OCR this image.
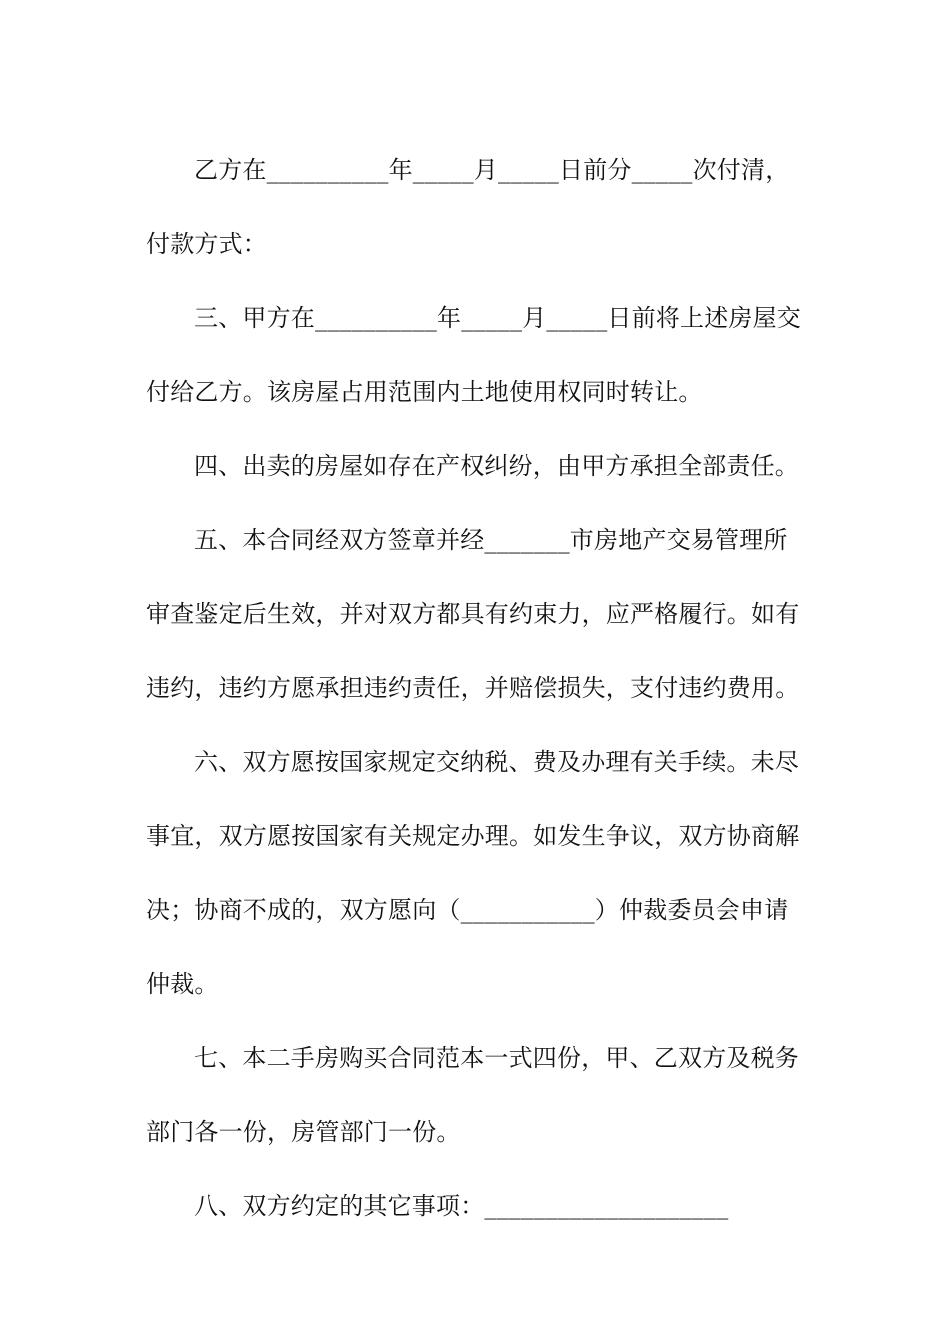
乙方在__________年_____月_____日前分_____次付清，付款方式：

三、甲方在__________年_____月_____日前将上述房屋交付给乙方。该房屋占用范围内土地使用权同时转让。

四、出卖的房屋如存在产权纠纷，由甲方承担全部责任。

五、本合同经双方签章并经_______市房地产交易管理所审查鉴定后生效，并对双方都具有约束力，应严格履行。如有违约，违约方愿承担违约责任，并赔偿损失，支付违约费用。

六、双方愿按国家规定交纳税、费及办理有关手续。未尽事宜，双方愿按国家有关规定办理。如发生争议，双方协商解决；协商不成的，双方愿向（___________）仲裁委员会申请仲裁。

七、本二手房购买合同范本一式四份，甲、乙双方及税务部门各一份，房管部门一份。

八、双方约定的其它事项：____________________
